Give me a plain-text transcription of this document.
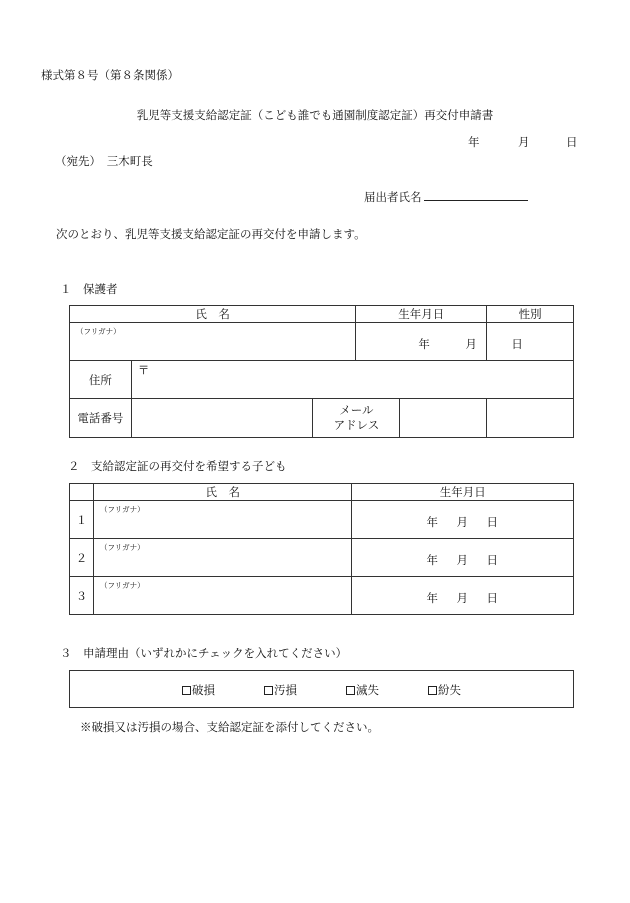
様式第８号（第８条関係）
乳児等支援支給認定証（こども誰でも通園制度認定証）再交付申請書
年	月	日
（宛先）　三木町長
届出者氏名
次のとおり、乳児等支援支給認定証の再交付を申請します。
１　保護者
氏　名			生年月日	性別

（フリガナ）			年 月 日	

住所	〒			

電話番号		メール
アドレス		

２　支給認定証の再交付を希望する子ども
	氏　名	生年月日
１	（フリガナ）	年 月 日

２	（フリガナ）	年 月 日

３	（フリガナ）	年 月 日
３　申請理由（いずれかにチェックを入れてください）
破損	汚損	滅失	紛失
※破損又は汚損の場合、支給認定証を添付してください。
